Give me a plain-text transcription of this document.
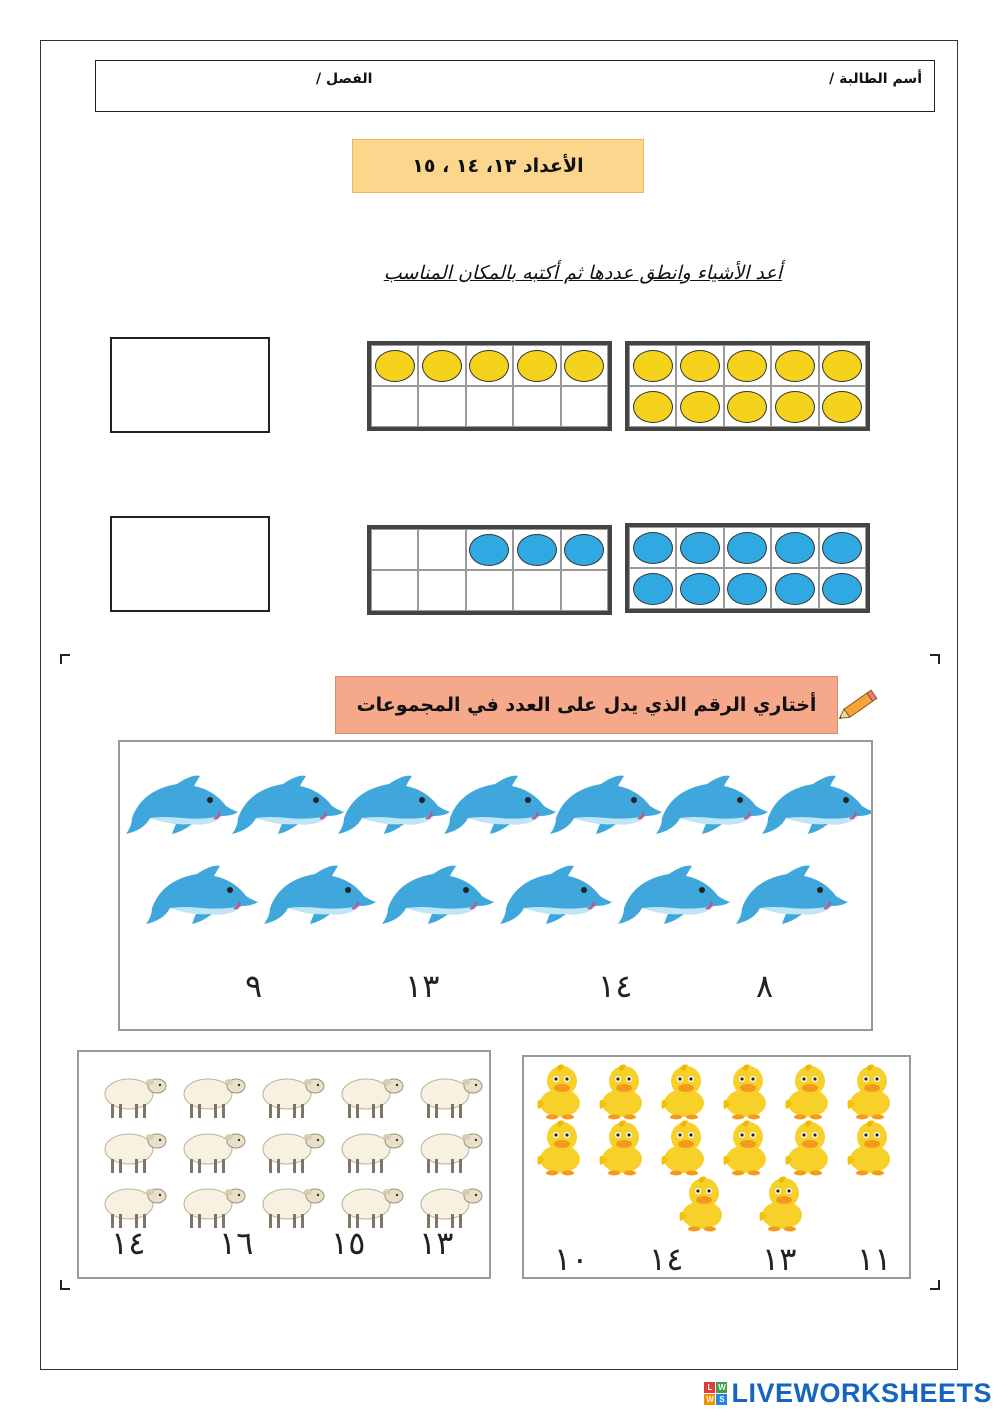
أسم الطالبة /
الفصل /
الأعداد ١٣، ١٤ ، ١٥
أعد الأشياء وانطق عددها ثم أكتبه بالمكان المناسب
أختاري الرقم الذي يدل على العدد في المجموعات
٩	١٣	١٤	٨
١٤ ١٦ ١٥ ١٣	١٠ ١٤ ١٣ ١١
L W
W S LIVEWORKSHEETS
